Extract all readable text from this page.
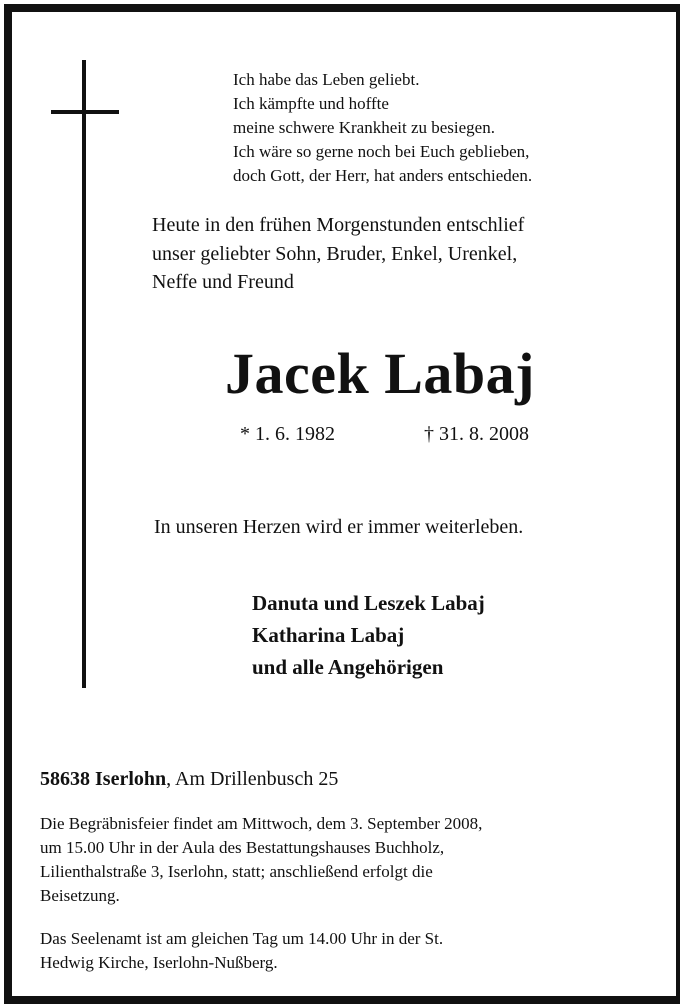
Ich habe das Leben geliebt.
Ich kämpfte und hoffte
meine schwere Krankheit zu besiegen.
Ich wäre so gerne noch bei Euch geblieben,
doch Gott, der Herr, hat anders entschieden.
Heute in den frühen Morgenstunden entschlief
unser geliebter Sohn, Bruder, Enkel, Urenkel,
Neffe und Freund
Jacek Labaj
* 1. 6. 1982	† 31. 8. 2008
In unseren Herzen wird er immer weiterleben.
Danuta und Leszek Labaj
Katharina Labaj
und alle Angehörigen
58638 Iserlohn, Am Drillenbusch 25
Die Begräbnisfeier findet am Mittwoch, dem 3. September 2008,
um 15.00 Uhr in der Aula des Bestattungshauses Buchholz,
Lilienthalstraße 3, Iserlohn, statt; anschließend erfolgt die
Beisetzung.
Das Seelenamt ist am gleichen Tag um 14.00 Uhr in der St.
Hedwig Kirche, Iserlohn-Nußberg.
